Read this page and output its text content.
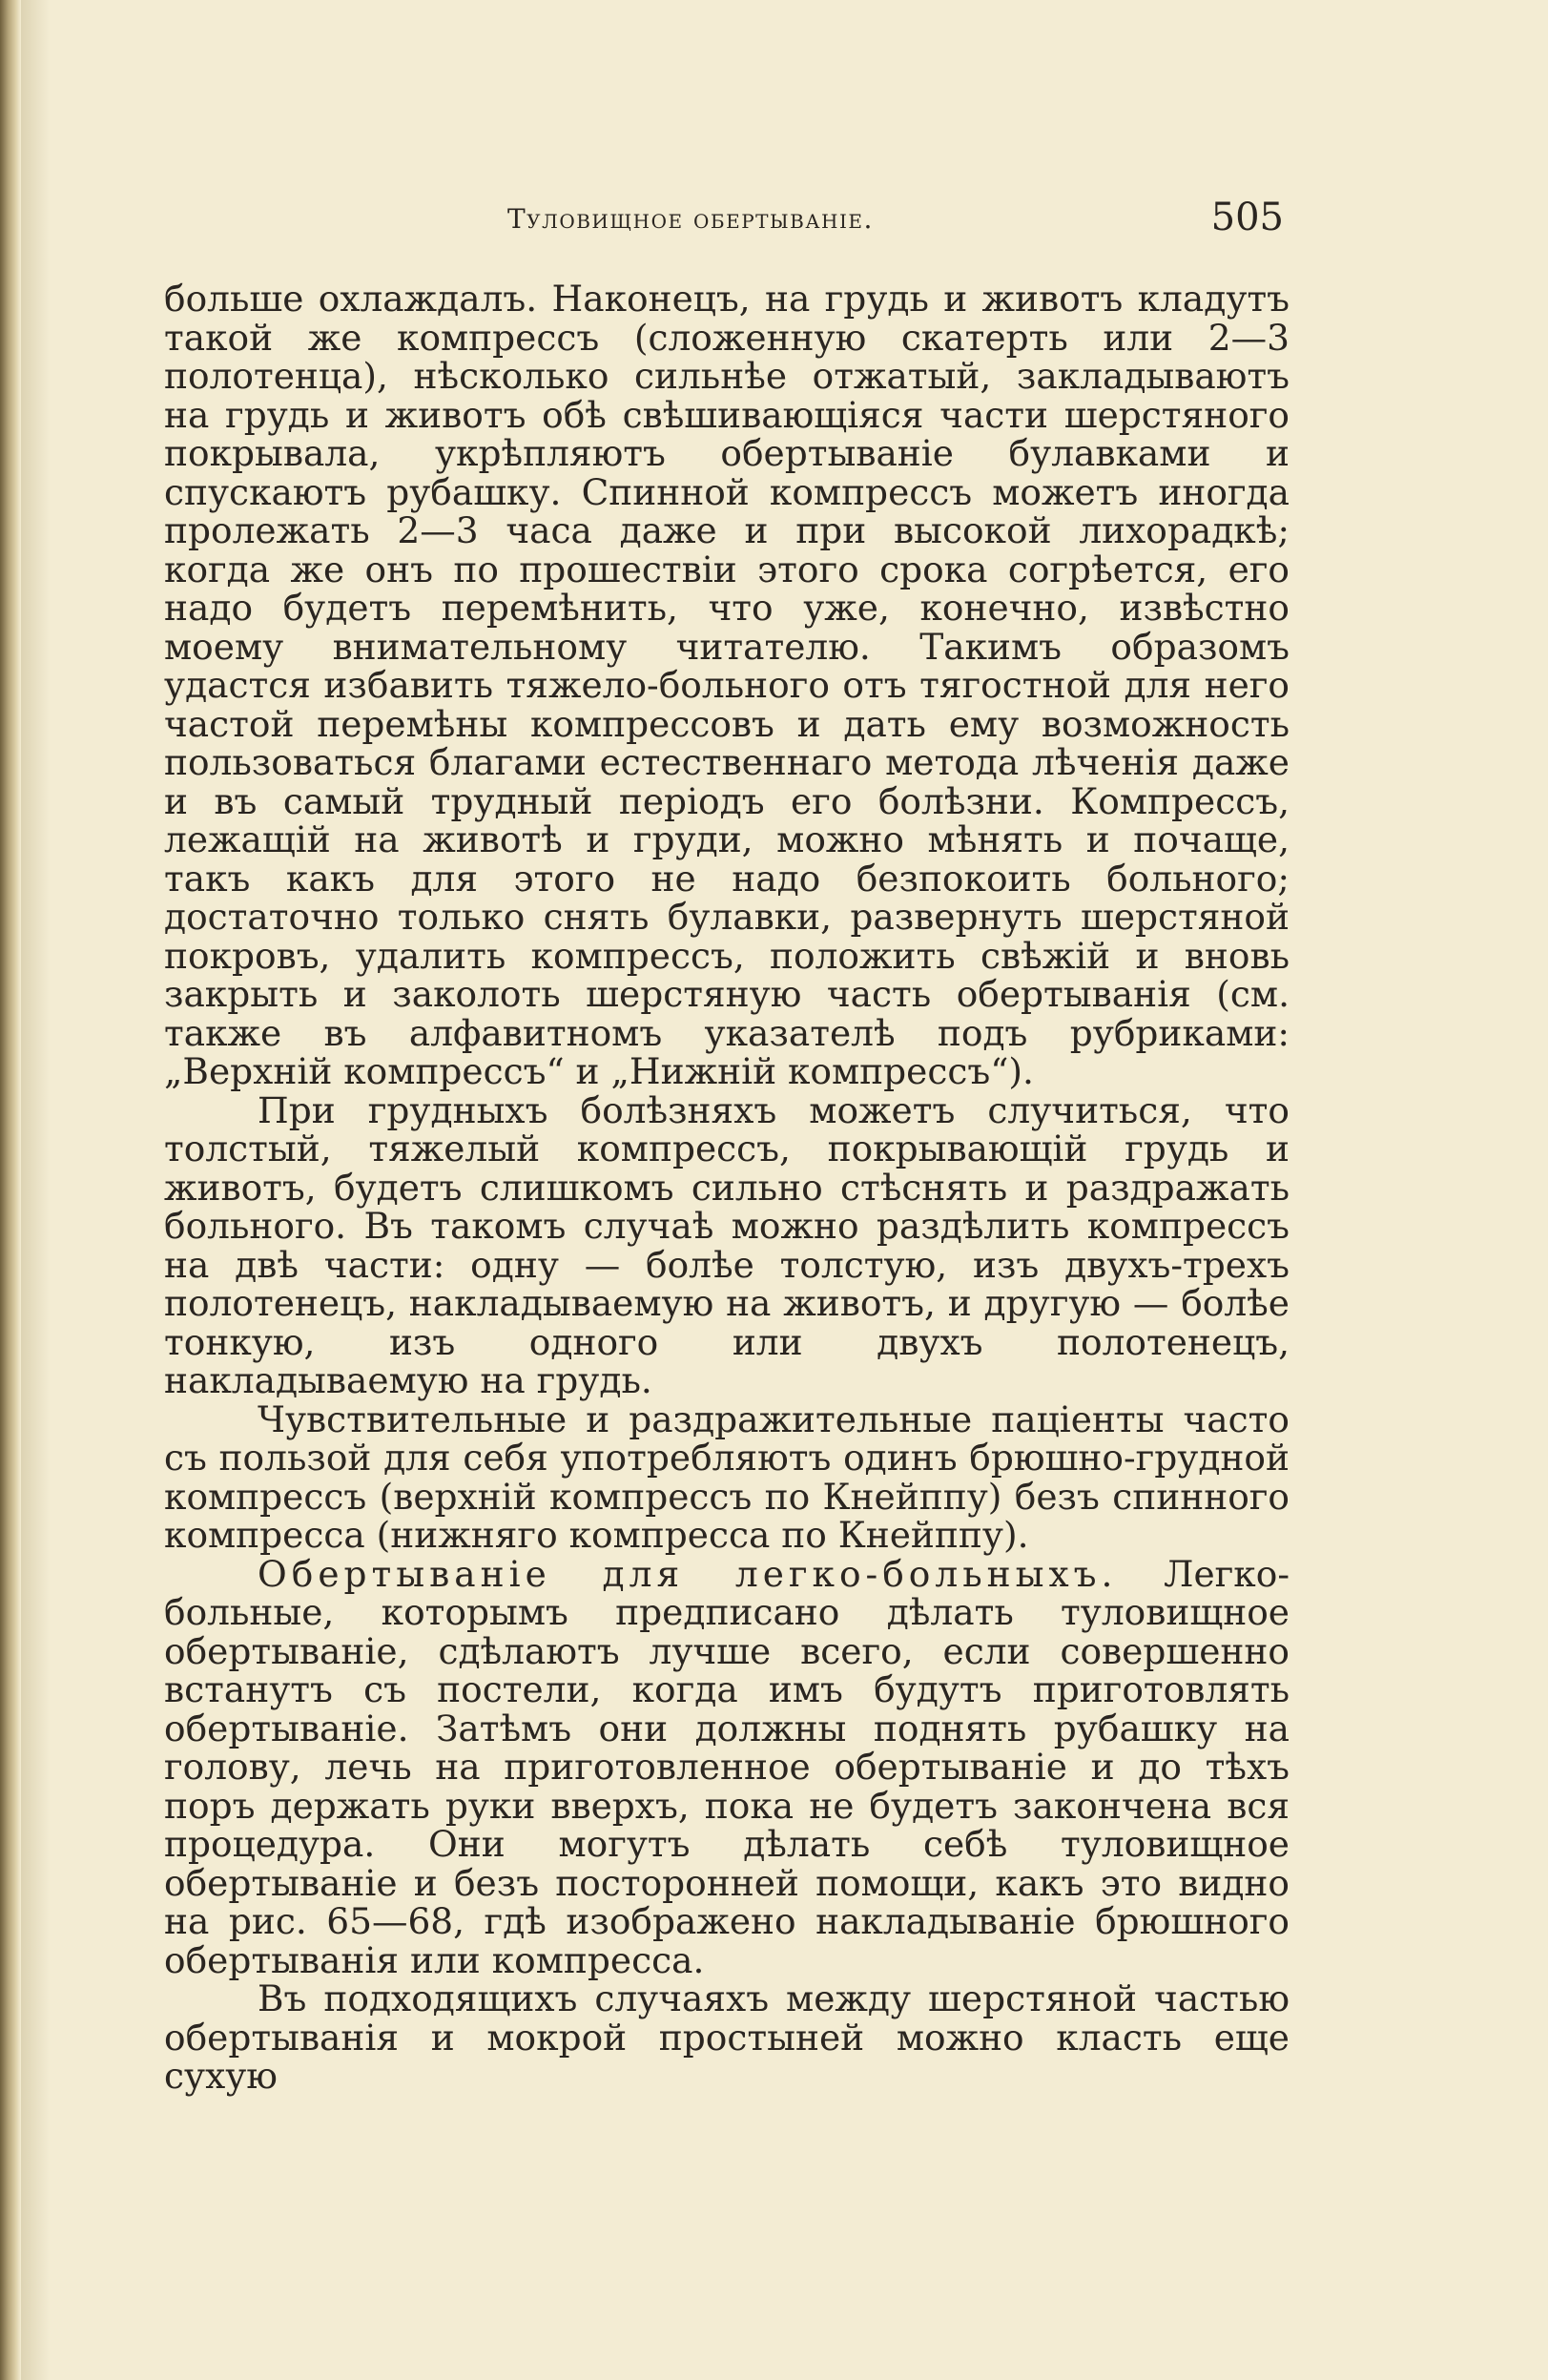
Туловищное обертываніе.	505

больше охлаждалъ. Наконецъ, на грудь и животъ кладутъ такой же компрессъ (сложенную скатерть или 2—3 полотенца), нѣсколько сильнѣе отжатый, закладываютъ на грудь и животъ обѣ свѣшивающіяся части шерстяного покрывала, укрѣпляютъ обертываніе булавками и спускаютъ рубашку. Спинной компрессъ можетъ иногда пролежать 2—3 часа даже и при высокой лихорадкѣ; когда же онъ по прошествіи этого срока согрѣется, его надо будетъ перемѣнить, что уже, конечно, извѣстно моему внимательному читателю. Такимъ образомъ удастся избавить тяжело-больного отъ тягостной для него частой перемѣны компрессовъ и дать ему возможность пользоваться благами естественнаго метода лѣченія даже и въ самый трудный періодъ его болѣзни. Компрессъ, лежащій на животѣ и груди, можно мѣнять и почаще, такъ какъ для этого не надо безпокоить больного; достаточно только снять булавки, развернуть шерстяной покровъ, удалить компрессъ, положить свѣжій и вновь закрыть и заколоть шерстяную часть обертыванія (см. также въ алфавитномъ указателѣ подъ рубриками: „Верхній компрессъ“ и „Нижній компрессъ“).

При грудныхъ болѣзняхъ можетъ случиться, что толстый, тяжелый компрессъ, покрывающій грудь и животъ, будетъ слишкомъ сильно стѣснять и раздражать больного. Въ такомъ случаѣ можно раздѣлить компрессъ на двѣ части: одну — болѣе толстую, изъ двухъ-трехъ полотенецъ, накладываемую на животъ, и другую — болѣе тонкую, изъ одного или двухъ полотенецъ, накладываемую на грудь.

Чувствительные и раздражительные паціенты часто съ пользой для себя употребляютъ одинъ брюшно-грудной компрессъ (верхній компрессъ по Кнейппу) безъ спинного компресса (нижняго компресса по Кнейппу).

Обертываніе для легко-больныхъ. Легко-больные, которымъ предписано дѣлать туловищное обертываніе, сдѣлаютъ лучше всего, если совершенно встанутъ съ постели, когда имъ будутъ приготовлять обертываніе. Затѣмъ они должны поднять рубашку на голову, лечь на приготовленное обертываніе и до тѣхъ поръ держать руки вверхъ, пока не будетъ закончена вся процедура. Они могутъ дѣлать себѣ туловищное обертываніе и безъ посторонней помощи, какъ это видно на рис. 65—68, гдѣ изображено накладываніе брюшного обертыванія или компресса.

Въ подходящихъ случаяхъ между шерстяной частью обертыванія и мокрой простыней можно класть еще сухую
